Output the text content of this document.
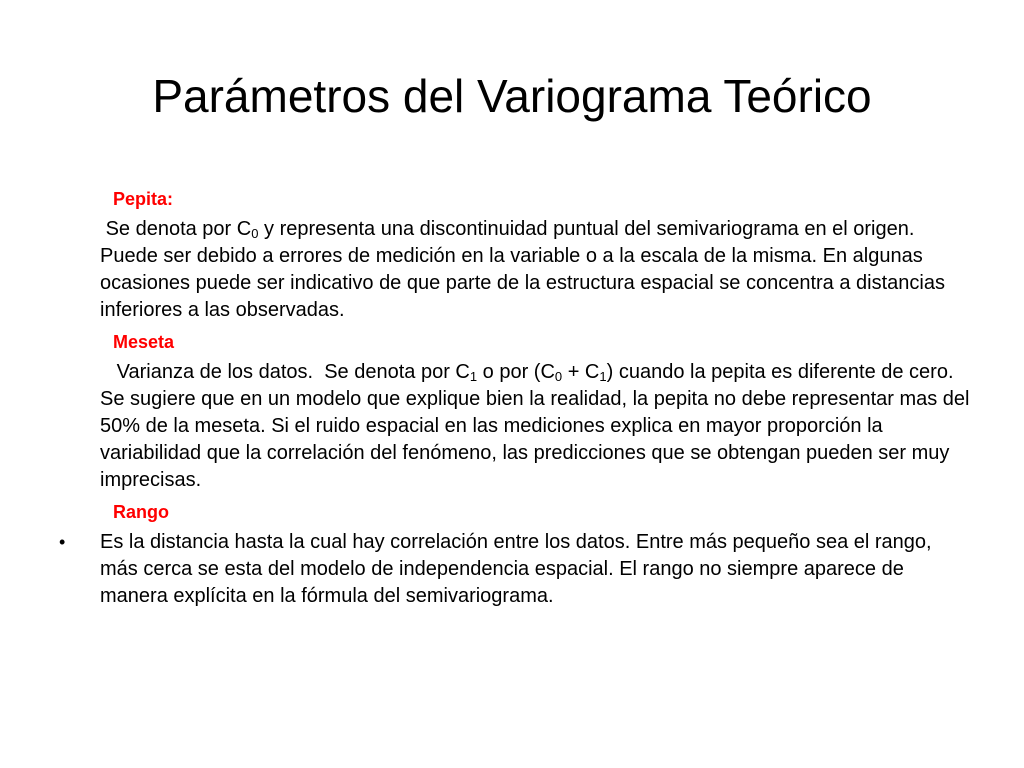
Parámetros del Variograma Teórico

Pepita:

Se denota por $C_0$ y representa una discontinuidad puntual del semivariograma en el origen.  Puede ser debido a errores de medición en la variable o a la escala de la misma. En algunas ocasiones puede ser indicativo de que parte de la estructura espacial se concentra a distancias inferiores a las observadas.

Meseta

Varianza de los datos.  Se denota por $C_1$ o por $(C_0 + C_1)$ cuando la pepita es diferente de cero. Se sugiere que en un modelo que explique bien la realidad, la pepita no debe representar mas del 50% de la meseta. Si el ruido espacial en las mediciones explica en mayor proporción la variabilidad que la correlación del fenómeno, las predicciones que se obtengan pueden ser muy imprecisas.

Rango

• Es la distancia hasta la cual hay correlación entre los datos. Entre más pequeño sea el rango, más cerca se esta del modelo de independencia espacial. El rango no siempre aparece de manera explícita en la fórmula del semivariograma.
